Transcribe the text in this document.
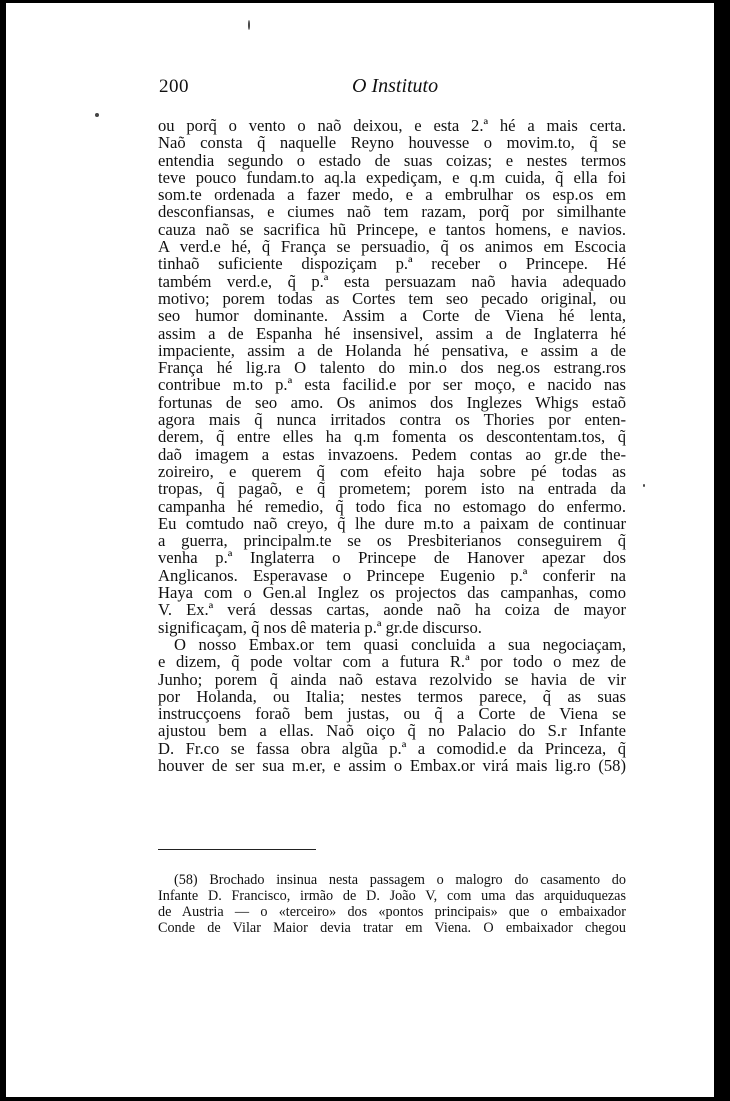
200	O Instituto
ou porq̃ o vento o naõ deixou, e esta 2.ª hé a mais certa.
Naõ consta q̃ naquelle Reyno houvesse o movim.to, q̃ se
entendia segundo o estado de suas coizas; e nestes termos
teve pouco fundam.to aq.la expediçam, e q.m cuida, q̃ ella foi
som.te ordenada a fazer medo, e a embrulhar os esp.os em
desconfiansas, e ciumes naõ tem razam, porq̃ por similhante
cauza naõ se sacrifica hũ Princepe, e tantos homens, e navios.
A verd.e hé, q̃ França se persuadio, q̃ os animos em Escocia
tinhaõ suficiente dispoziçam p.ª receber o Princepe. Hé
também verd.e, q̃ p.ª esta persuazam naõ havia adequado
motivo; porem todas as Cortes tem seo pecado original, ou
seo humor dominante. Assim a Corte de Viena hé lenta,
assim a de Espanha hé insensivel, assim a de Inglaterra hé
impaciente, assim a de Holanda hé pensativa, e assim a de
França hé lig.ra O talento do min.o dos neg.os estrang.ros
contribue m.to p.ª esta facilid.e por ser moço, e nacido nas
fortunas de seo amo. Os animos dos Inglezes Whigs estaõ
agora mais q̃ nunca irritados contra os Thories por enten-
derem, q̃ entre elles ha q.m fomenta os descontentam.tos, q̃
daõ imagem a estas invazoens. Pedem contas ao gr.de the-
zoireiro, e querem q̃ com efeito haja sobre pé todas as
tropas, q̃ pagaõ, e q̃ prometem; porem isto na entrada da
campanha hé remedio, q̃ todo fica no estomago do enfermo.
Eu comtudo naõ creyo, q̃ lhe dure m.to a paixam de continuar
a guerra, principalm.te se os Presbiterianos conseguirem q̃
venha p.ª Inglaterra o Princepe de Hanover apezar dos
Anglicanos. Esperavase o Princepe Eugenio p.ª conferir na
Haya com o Gen.al Inglez os projectos das campanhas, como
V. Ex.ª verá dessas cartas, aonde naõ ha coiza de mayor
significaçam, q̃ nos dê materia p.ª gr.de discurso.
O nosso Embax.or tem quasi concluida a sua negociaçam,
e dizem, q̃ pode voltar com a futura R.ª por todo o mez de
Junho; porem q̃ ainda naõ estava rezolvido se havia de vir
por Holanda, ou Italia; nestes termos parece, q̃ as suas
instrucçoens foraõ bem justas, ou q̃ a Corte de Viena se
ajustou bem a ellas. Naõ oiço q̃ no Palacio do S.r Infante
D. Fr.co se fassa obra algũa p.ª a comodid.e da Princeza, q̃
houver de ser sua m.er, e assim o Embax.or virá mais lig.ro (58)
(58) Brochado insinua nesta passagem o malogro do casamento do
Infante D. Francisco, irmão de D. João V, com uma das arquiduquezas
de Austria — o «terceiro» dos «pontos principais» que o embaixador
Conde de Vilar Maior devia tratar em Viena. O embaixador chegou
